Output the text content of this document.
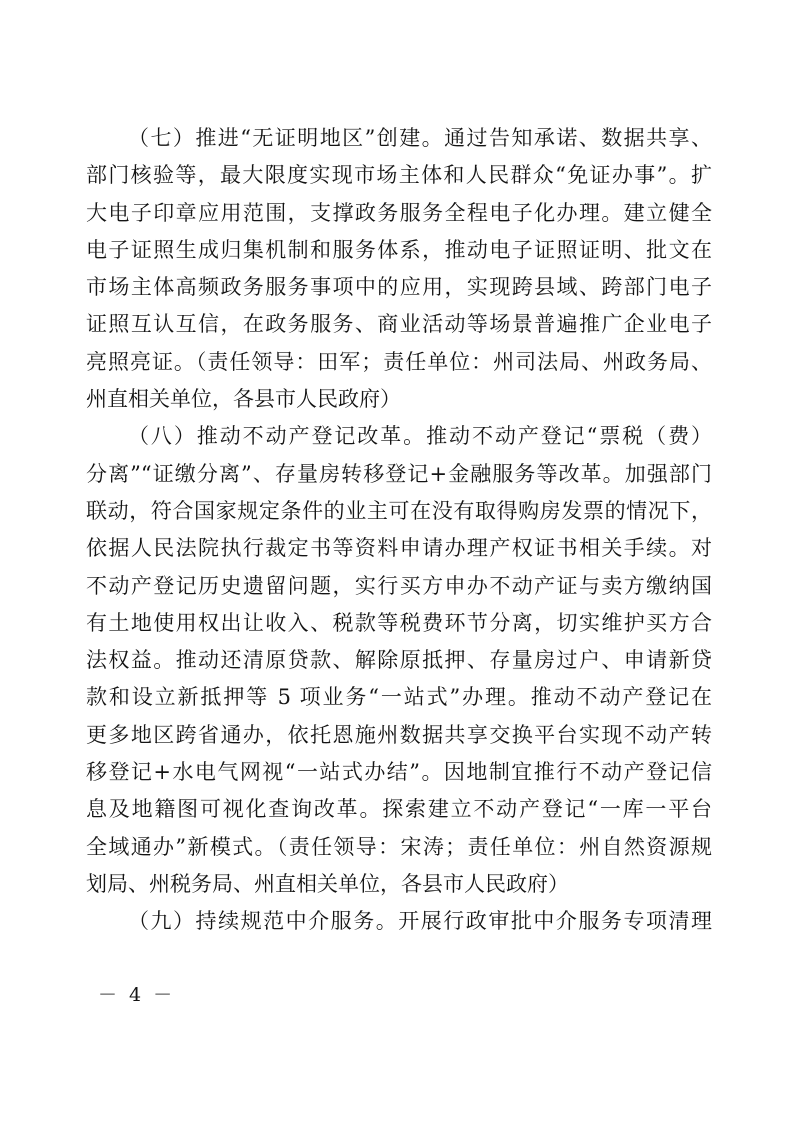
（七）推进“无证明地区”创建。通过告知承诺、数据共享、
部门核验等，最大限度实现市场主体和人民群众“免证办事”。扩
大电子印章应用范围，支撑政务服务全程电子化办理。建立健全
电子证照生成归集机制和服务体系，推动电子证照证明、批文在
市场主体高频政务服务事项中的应用，实现跨县域、跨部门电子
证照互认互信，在政务服务、商业活动等场景普遍推广企业电子
亮照亮证。（责任领导：田军；责任单位：州司法局、州政务局、
州直相关单位，各县市人民政府）

（八）推动不动产登记改革。推动不动产登记“票税（费）
分离”“证缴分离”、存量房转移登记+金融服务等改革。加强部门
联动，符合国家规定条件的业主可在没有取得购房发票的情况下，
依据人民法院执行裁定书等资料申请办理产权证书相关手续。对
不动产登记历史遗留问题，实行买方申办不动产证与卖方缴纳国
有土地使用权出让收入、税款等税费环节分离，切实维护买方合
法权益。推动还清原贷款、解除原抵押、存量房过户、申请新贷
款和设立新抵押等 5 项业务“一站式”办理。推动不动产登记在
更多地区跨省通办，依托恩施州数据共享交换平台实现不动产转
移登记+水电气网视“一站式办结”。因地制宜推行不动产登记信
息及地籍图可视化查询改革。探索建立不动产登记“一库一平台
全域通办”新模式。（责任领导：宋涛；责任单位：州自然资源规
划局、州税务局、州直相关单位，各县市人民政府）

（九）持续规范中介服务。开展行政审批中介服务专项清理

－ 4 －
